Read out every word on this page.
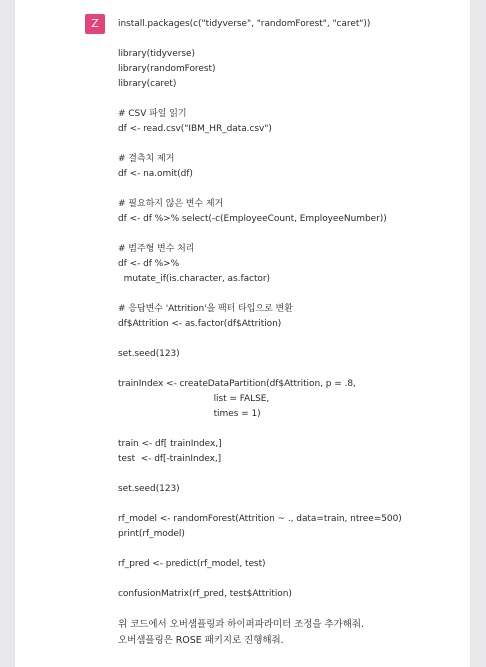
Z	install.packages(c("tidyverse", "randomForest", "caret"))
library(tidyverse)
library(randomForest)
library(caret)
# CSV 파일 읽기
df <- read.csv("IBM_HR_data.csv")
# 결측치 제거
df <- na.omit(df)
# 필요하지 않은 변수 제거
df <- df %>% select(-c(EmployeeCount, EmployeeNumber))
# 범주형 변수 처리
df <- df %>%
mutate_if(is.character, as.factor)
# 응답변수 'Attrition'을 팩터 타입으로 변환
df$Attrition <- as.factor(df$Attrition)
set.seed(123)
trainIndex <- createDataPartition(df$Attrition, p = .8,
list = FALSE,
times = 1)
train <- df[ trainIndex,]
test  <- df[-trainIndex,]
set.seed(123)
rf_model <- randomForest(Attrition ~ ., data=train, ntree=500)
print(rf_model)
rf_pred <- predict(rf_model, test)
confusionMatrix(rf_pred, test$Attrition)
위 코드에서 오버샘플링과 하이퍼파라미터 조정을 추가해줘.
오버샘플링은 ROSE 패키지로 진행해줘.
